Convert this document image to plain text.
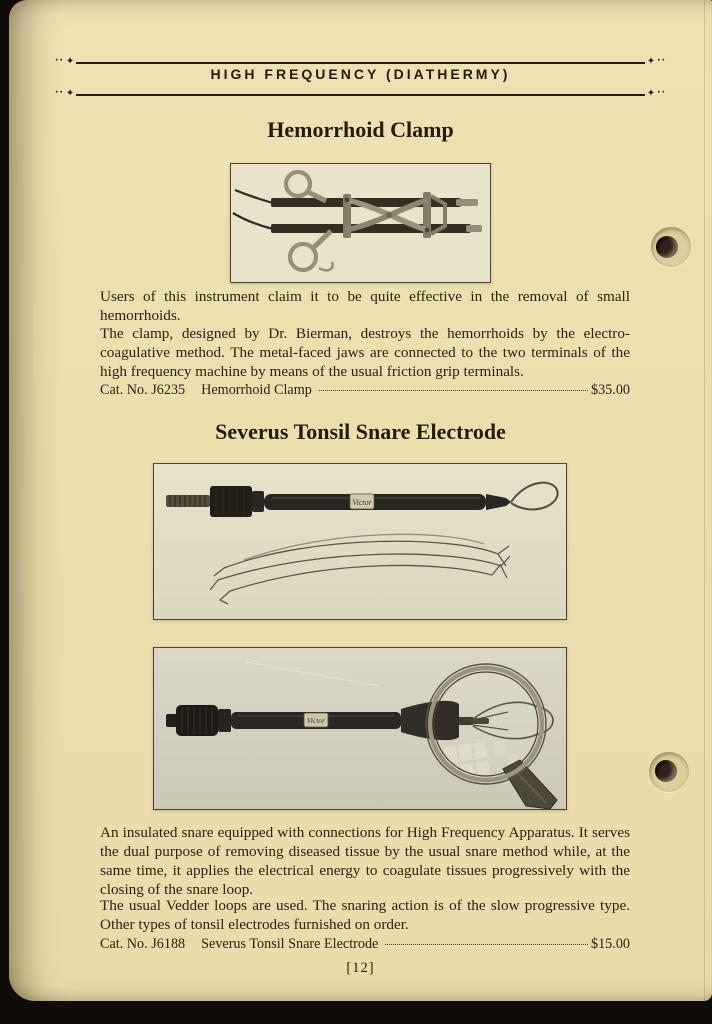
·· ✦	✦ ··
HIGH FREQUENCY (DIATHERMY)
·· ✦	✦ ··
Hemorrhoid Clamp
Users of this instrument claim it to be quite effective in the removal of small hemorrhoids.
The clamp, designed by Dr. Bierman, destroys the hemorrhoids by the electro-coagulative method. The metal-faced jaws are connected to the two terminals of the high frequency machine by means of the usual friction grip terminals.
Cat. No. J6235 Hemorrhoid Clamp	$35.00
Severus Tonsil Snare Electrode
Victor
Victor
An insulated snare equipped with connections for High Frequency Apparatus. It serves the dual purpose of removing diseased tissue by the usual snare method while, at the same time, it applies the electrical energy to coagulate tissues progressively with the closing of the snare loop.
The usual Vedder loops are used. The snaring action is of the slow progressive type. Other types of tonsil electrodes furnished on order.
Cat. No. J6188 Severus Tonsil Snare Electrode	$15.00
[12]
